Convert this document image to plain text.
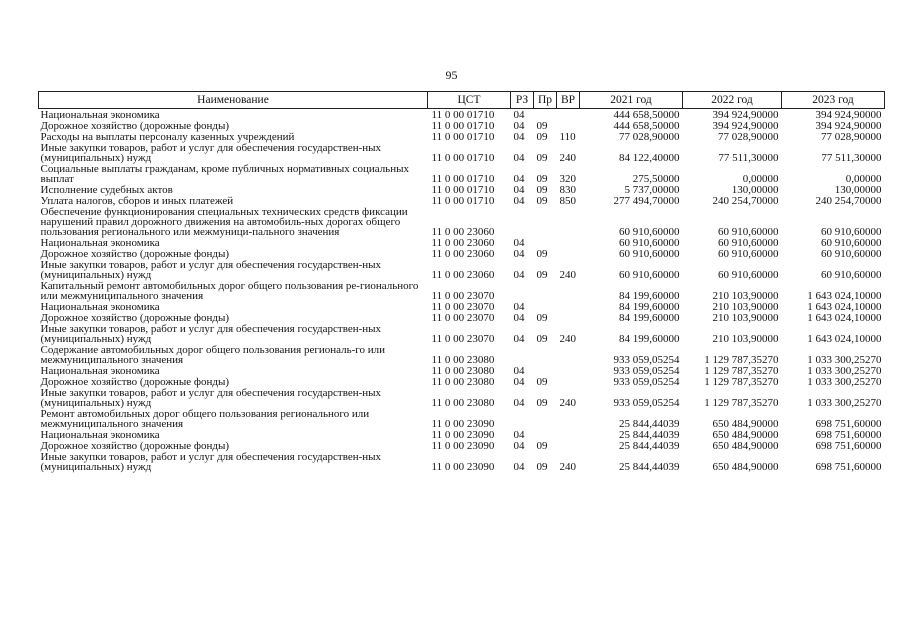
95
Наименование	ЦСТ	РЗ	Пр	ВР	2021 год	2022 год	2023 год
Национальная экономика	11 0 00 01710	04			444 658,50000	394 924,90000	394 924,90000
Дорожное хозяйство (дорожные фонды)	11 0 00 01710	04	09		444 658,50000	394 924,90000	394 924,90000
Расходы на выплаты персоналу казенных учреждений	11 0 00 01710	04	09	110	77 028,90000	77 028,90000	77 028,90000
Иные закупки товаров, работ и услуг для обеспечения государствен-ных (муниципальных) нужд	11 0 00 01710	04	09	240	84 122,40000	77 511,30000	77 511,30000
Социальные выплаты гражданам, кроме публичных нормативных социальных выплат	11 0 00 01710	04	09	320	275,50000	0,00000	0,00000
Исполнение судебных актов	11 0 00 01710	04	09	830	5 737,00000	130,00000	130,00000
Уплата налогов, сборов и иных платежей	11 0 00 01710	04	09	850	277 494,70000	240 254,70000	240 254,70000
Обеспечение функционирования специальных технических средств фиксации нарушений правил дорожного движения на автомобиль-ных дорогах общего пользования регионального или межмуници-пального значения	11 0 00 23060				60 910,60000	60 910,60000	60 910,60000
Национальная экономика	11 0 00 23060	04			60 910,60000	60 910,60000	60 910,60000
Дорожное хозяйство (дорожные фонды)	11 0 00 23060	04	09		60 910,60000	60 910,60000	60 910,60000
Иные закупки товаров, работ и услуг для обеспечения государствен-ных (муниципальных) нужд	11 0 00 23060	04	09	240	60 910,60000	60 910,60000	60 910,60000
Капитальный ремонт автомобильных дорог общего пользования ре-гионального или межмуниципального значения	11 0 00 23070				84 199,60000	210 103,90000	1 643 024,10000
Национальная экономика	11 0 00 23070	04			84 199,60000	210 103,90000	1 643 024,10000
Дорожное хозяйство (дорожные фонды)	11 0 00 23070	04	09		84 199,60000	210 103,90000	1 643 024,10000
Иные закупки товаров, работ и услуг для обеспечения государствен-ных (муниципальных) нужд	11 0 00 23070	04	09	240	84 199,60000	210 103,90000	1 643 024,10000
Содержание автомобильных дорог общего пользования региональ-го или межмуниципального значения	11 0 00 23080				933 059,05254	1 129 787,35270	1 033 300,25270
Национальная экономика	11 0 00 23080	04			933 059,05254	1 129 787,35270	1 033 300,25270
Дорожное хозяйство (дорожные фонды)	11 0 00 23080	04	09		933 059,05254	1 129 787,35270	1 033 300,25270
Иные закупки товаров, работ и услуг для обеспечения государствен-ных (муниципальных) нужд	11 0 00 23080	04	09	240	933 059,05254	1 129 787,35270	1 033 300,25270
Ремонт автомобильных дорог общего пользования регионального или межмуниципального значения	11 0 00 23090				25 844,44039	650 484,90000	698 751,60000
Национальная экономика	11 0 00 23090	04			25 844,44039	650 484,90000	698 751,60000
Дорожное хозяйство (дорожные фонды)	11 0 00 23090	04	09		25 844,44039	650 484,90000	698 751,60000
Иные закупки товаров, работ и услуг для обеспечения государствен-ных (муниципальных) нужд	11 0 00 23090	04	09	240	25 844,44039	650 484,90000	698 751,60000
